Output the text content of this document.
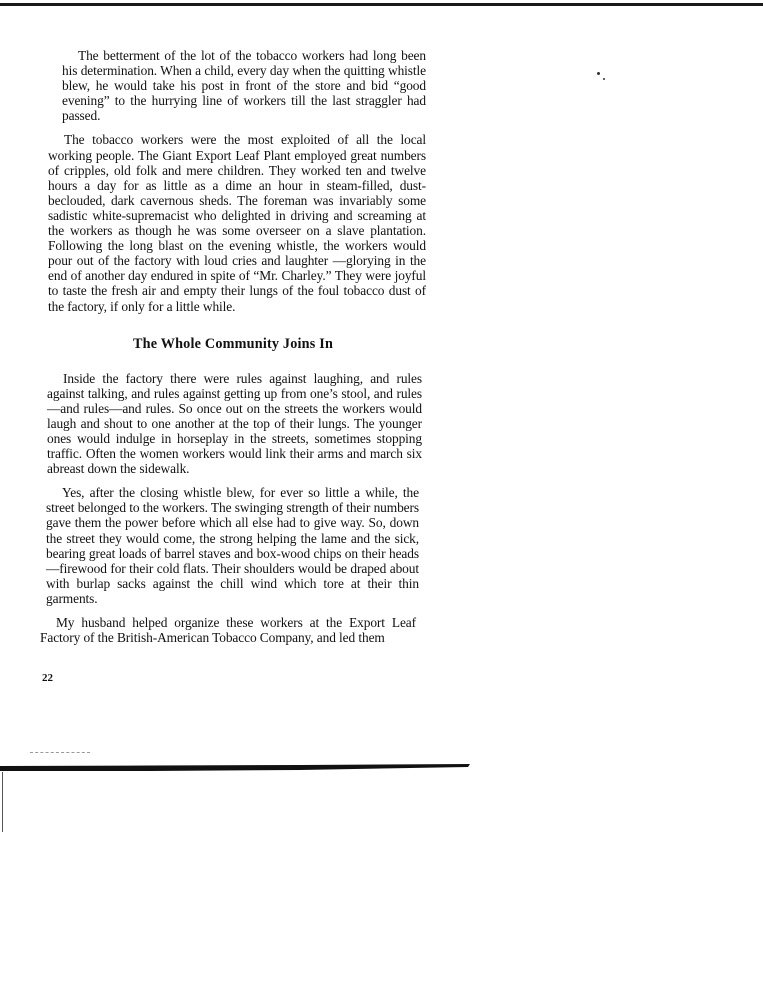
The betterment of the lot of the tobacco workers had long been his determination. When a child, every day when the quitting whistle blew, he would take his post in front of the store and bid “good evening” to the hurrying line of workers till the last straggler had passed.

The tobacco workers were the most exploited of all the local working people. The Giant Export Leaf Plant employed great numbers of cripples, old folk and mere children. They worked ten and twelve hours a day for as little as a dime an hour in steam-filled, dust-beclouded, dark cavernous sheds. The foreman was invariably some sadistic white-supremacist who delighted in driving and screaming at the workers as though he was some overseer on a slave plantation. Following the long blast on the evening whistle, the workers would pour out of the factory with loud cries and laughter —glorying in the end of another day endured in spite of “Mr. Charley.” They were joyful to taste the fresh air and empty their lungs of the foul tobacco dust of the factory, if only for a little while.

The Whole Community Joins In

Inside the factory there were rules against laughing, and rules against talking, and rules against getting up from one’s stool, and rules—and rules—and rules. So once out on the streets the workers would laugh and shout to one another at the top of their lungs. The younger ones would indulge in horseplay in the streets, sometimes stopping traffic. Often the women workers would link their arms and march six abreast down the sidewalk.

Yes, after the closing whistle blew, for ever so little a while, the street belonged to the workers. The swinging strength of their numbers gave them the power before which all else had to give way. So, down the street they would come, the strong helping the lame and the sick, bearing great loads of barrel staves and box-wood chips on their heads—firewood for their cold flats. Their shoulders would be draped about with burlap sacks against the chill wind which tore at their thin garments.

My husband helped organize these workers at the Export Leaf Factory of the British-American Tobacco Company, and led them

22
